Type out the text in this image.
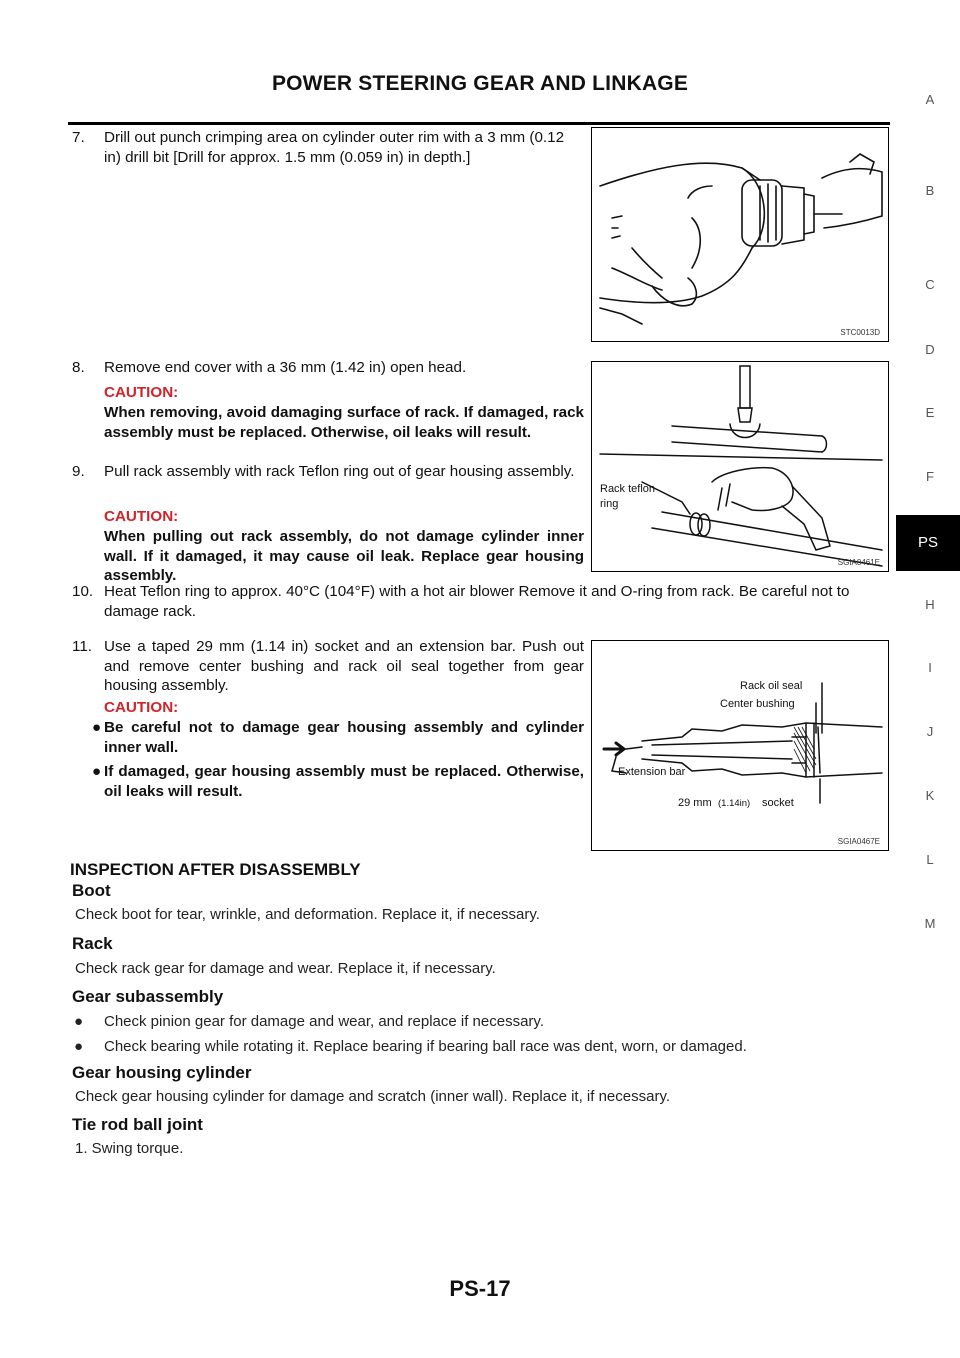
POWER STEERING GEAR AND LINKAGE
A
B
C
D
E
F
PS
H
I
J
K
L
M
7. Drill out punch crimping area on cylinder outer rim with a 3 mm (0.12 in) drill bit [Drill for approx. 1.5 mm (0.059 in) in depth.]
STC0013D
8. Remove end cover with a 36 mm (1.42 in) open head.
CAUTION:
When removing, avoid damaging surface of rack. If damaged, rack assembly must be replaced. Otherwise, oil leaks will result.
Rack teflon
ring
SGIA0461E
9. Pull rack assembly with rack Teflon ring out of gear housing assembly.
CAUTION:
When pulling out rack assembly, do not damage cylinder inner wall. If it damaged, it may cause oil leak. Replace gear housing assembly.
10. Heat Teflon ring to approx. 40°C (104°F) with a hot air blower Remove it and O-ring from rack. Be careful not to damage rack.
11. Use a taped 29 mm (1.14 in) socket and an extension bar. Push out and remove center bushing and rack oil seal together from gear housing assembly.
CAUTION:
● Be careful not to damage gear housing assembly and cylinder inner wall.
● If damaged, gear housing assembly must be replaced. Otherwise, oil leaks will result.
Rack oil seal
Center bushing
Extension bar
29 mm (1.14in) socket
SGIA0467E
INSPECTION AFTER DISASSEMBLY
Boot
Check boot for tear, wrinkle, and deformation. Replace it, if necessary.
Rack
Check rack gear for damage and wear. Replace it, if necessary.
Gear subassembly
● Check pinion gear for damage and wear, and replace if necessary.
● Check bearing while rotating it. Replace bearing if bearing ball race was dent, worn, or damaged.
Gear housing cylinder
Check gear housing cylinder for damage and scratch (inner wall). Replace it, if necessary.
Tie rod ball joint
1. Swing torque.
PS-17
